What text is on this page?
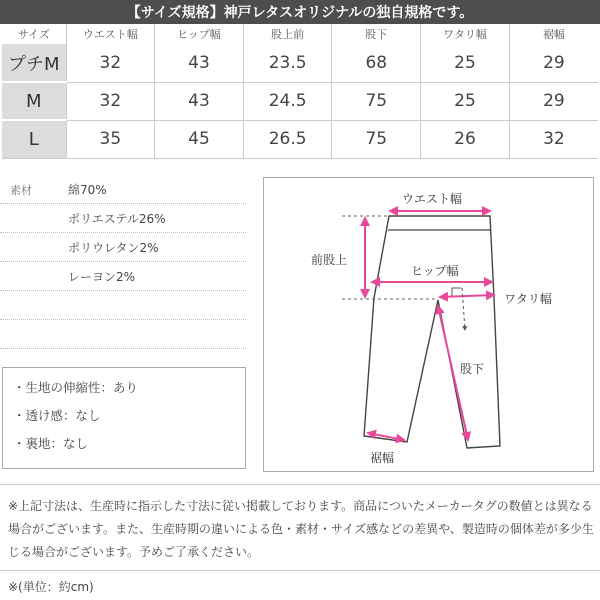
【サイズ規格】神戸レタスオリジナルの独自規格です。
サイズ	ウエスト幅	ヒップ幅	股上前	股下	ワタリ幅	裾幅
プチM	32	43	23.5	68	25	29
M	32	43	24.5	75	25	29
L	35	45	26.5	75	26	32
素材	綿70%
ポリエステル26%
ポリウレタン2%
レーヨン2%
・生地の伸縮性：あり
・透け感：なし
・裏地：なし
ウエスト幅
前股上
ヒップ幅
ワタリ幅
股下
裾幅
※上記寸法は、生産時に指示した寸法に従い掲載しております。商品についたメーカータグの数値とは異なる場合がございます。また、生産時期の違いによる色・素材・サイズ感などの差異や、製造時の個体差が多少生じる場合がございます。予めご了承ください。
※(単位：約cm)
